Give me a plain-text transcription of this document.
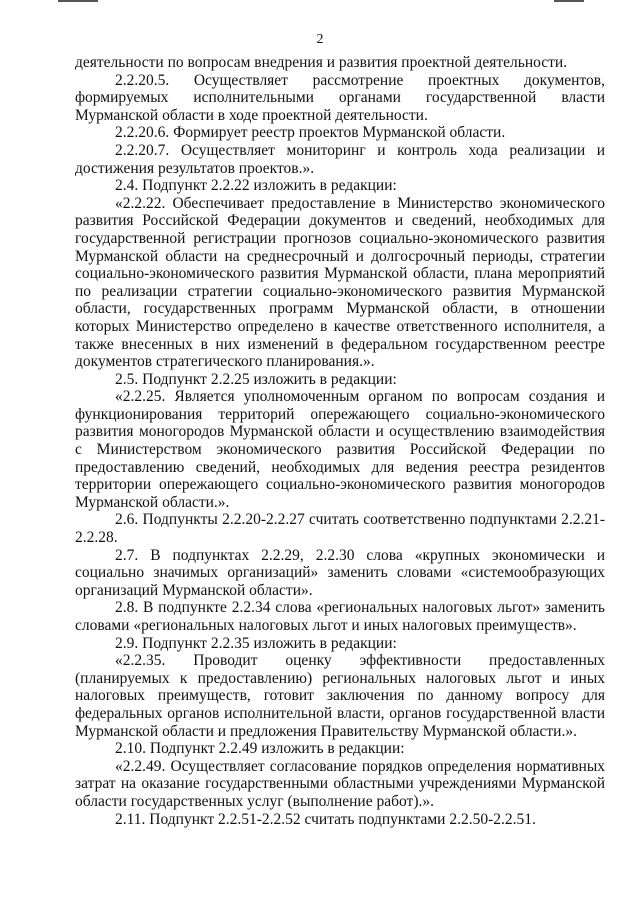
2

деятельности по вопросам внедрения и развития проектной деятельности.

2.2.20.5. Осуществляет рассмотрение проектных документов, формируемых исполнительными органами государственной власти Мурманской области в ходе проектной деятельности.

2.2.20.6. Формирует реестр проектов Мурманской области.

2.2.20.7. Осуществляет мониторинг и контроль хода реализации и достижения результатов проектов.».

2.4. Подпункт 2.2.22 изложить в редакции:

«2.2.22. Обеспечивает предоставление в Министерство экономического развития Российской Федерации документов и сведений, необходимых для государственной регистрации прогнозов социально-экономического развития Мурманской области на среднесрочный и долгосрочный периоды, стратегии социально-экономического развития Мурманской области, плана мероприятий по реализации стратегии социально-экономического развития Мурманской области, государственных программ Мурманской области, в отношении которых Министерство определено в качестве ответственного исполнителя, а также внесенных в них изменений в федеральном государственном реестре документов стратегического планирования.».

2.5. Подпункт 2.2.25 изложить в редакции:

«2.2.25. Является уполномоченным органом по вопросам создания и функционирования территорий опережающего социально-экономического развития моногородов Мурманской области и осуществлению взаимодействия с Министерством экономического развития Российской Федерации по предоставлению сведений, необходимых для ведения реестра резидентов территории опережающего социально-экономического развития моногородов Мурманской области.».

2.6. Подпункты 2.2.20-2.2.27 считать соответственно подпунктами 2.2.21-2.2.28.

2.7. В подпунктах 2.2.29, 2.2.30 слова «крупных экономически и социально значимых организаций» заменить словами «системообразующих организаций Мурманской области».

2.8. В подпункте 2.2.34 слова «региональных налоговых льгот» заменить словами «региональных налоговых льгот и иных налоговых преимуществ».

2.9. Подпункт 2.2.35 изложить в редакции:

«2.2.35. Проводит оценку эффективности предоставленных (планируемых к предоставлению) региональных налоговых льгот и иных налоговых преимуществ, готовит заключения по данному вопросу для федеральных органов исполнительной власти, органов государственной власти Мурманской области и предложения Правительству Мурманской области.».

2.10. Подпункт 2.2.49 изложить в редакции:

«2.2.49. Осуществляет согласование порядков определения нормативных затрат на оказание государственными областными учреждениями Мурманской области государственных услуг (выполнение работ).».

2.11. Подпункт 2.2.51-2.2.52 считать подпунктами 2.2.50-2.2.51.
